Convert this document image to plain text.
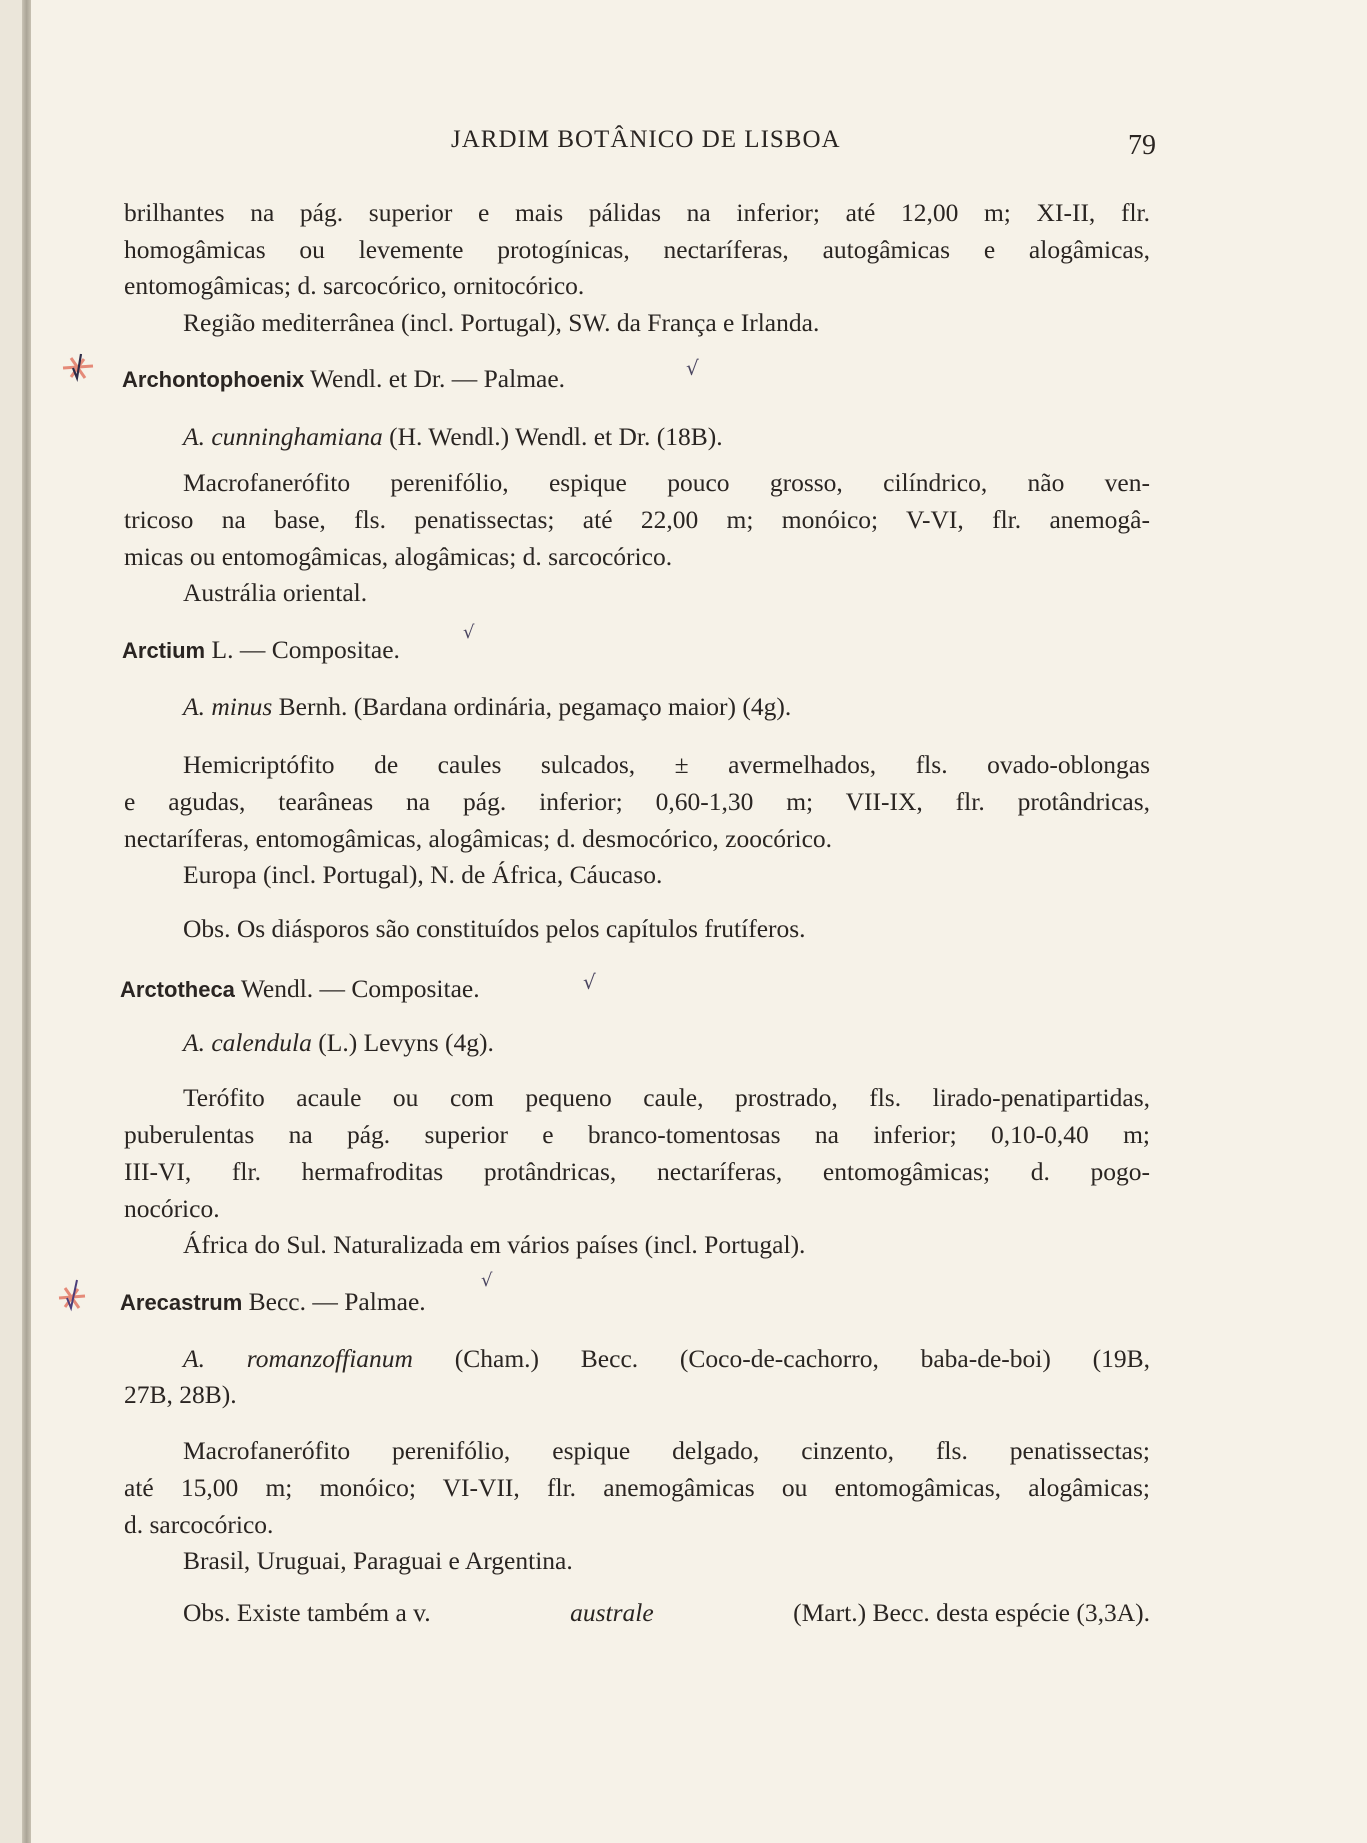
JARDIM BOTÂNICO DE LISBOA	79
brilhantes na pág. superior e mais pálidas na inferior; até 12,00 m; XI-II, flr.
homogâmicas ou levemente protogínicas, nectaríferas, autogâmicas e alogâmicas,
entomogâmicas; d. sarcocórico, ornitocórico.
Região mediterrânea (incl. Portugal), SW. da França e Irlanda.
Archontophoenix Wendl. et Dr. — Palmae.	√
A. cunninghamiana (H. Wendl.) Wendl. et Dr. (18B).
Macrofanerófito perenifólio, espique pouco grosso, cilíndrico, não ven-
tricoso na base, fls. penatissectas; até 22,00 m; monóico; V-VI, flr. anemogâ-
micas ou entomogâmicas, alogâmicas; d. sarcocórico.
Austrália oriental.
Arctium L. — Compositae.
√
A. minus Bernh. (Bardana ordinária, pegamaço maior) (4g).
Hemicriptófito de caules sulcados, ± avermelhados, fls. ovado-oblongas
e agudas, tearâneas na pág. inferior; 0,60-1,30 m; VII-IX, flr. protândricas,
nectaríferas, entomogâmicas, alogâmicas; d. desmocórico, zoocórico.
Europa (incl. Portugal), N. de África, Cáucaso.
Obs. Os diásporos são constituídos pelos capítulos frutíferos.
Arctotheca Wendl. — Compositae.	√
A. calendula (L.) Levyns (4g).
Terófito acaule ou com pequeno caule, prostrado, fls. lirado-penatipartidas,
puberulentas na pág. superior e branco-tomentosas na inferior; 0,10-0,40 m;
III-VI, flr. hermafroditas protândricas, nectaríferas, entomogâmicas; d. pogo-
nocórico.
África do Sul. Naturalizada em vários países (incl. Portugal).
Arecastrum Becc. — Palmae.
√
A. romanzoffianum (Cham.) Becc. (Coco-de-cachorro, baba-de-boi) (19B,
27B, 28B).
Macrofanerófito perenifólio, espique delgado, cinzento, fls. penatissectas;
até 15,00 m; monóico; VI-VII, flr. anemogâmicas ou entomogâmicas, alogâmicas;
d. sarcocórico.
Brasil, Uruguai, Paraguai e Argentina.
Obs. Existe também a v.	australe	(Mart.) Becc. desta espécie (3,3A).
